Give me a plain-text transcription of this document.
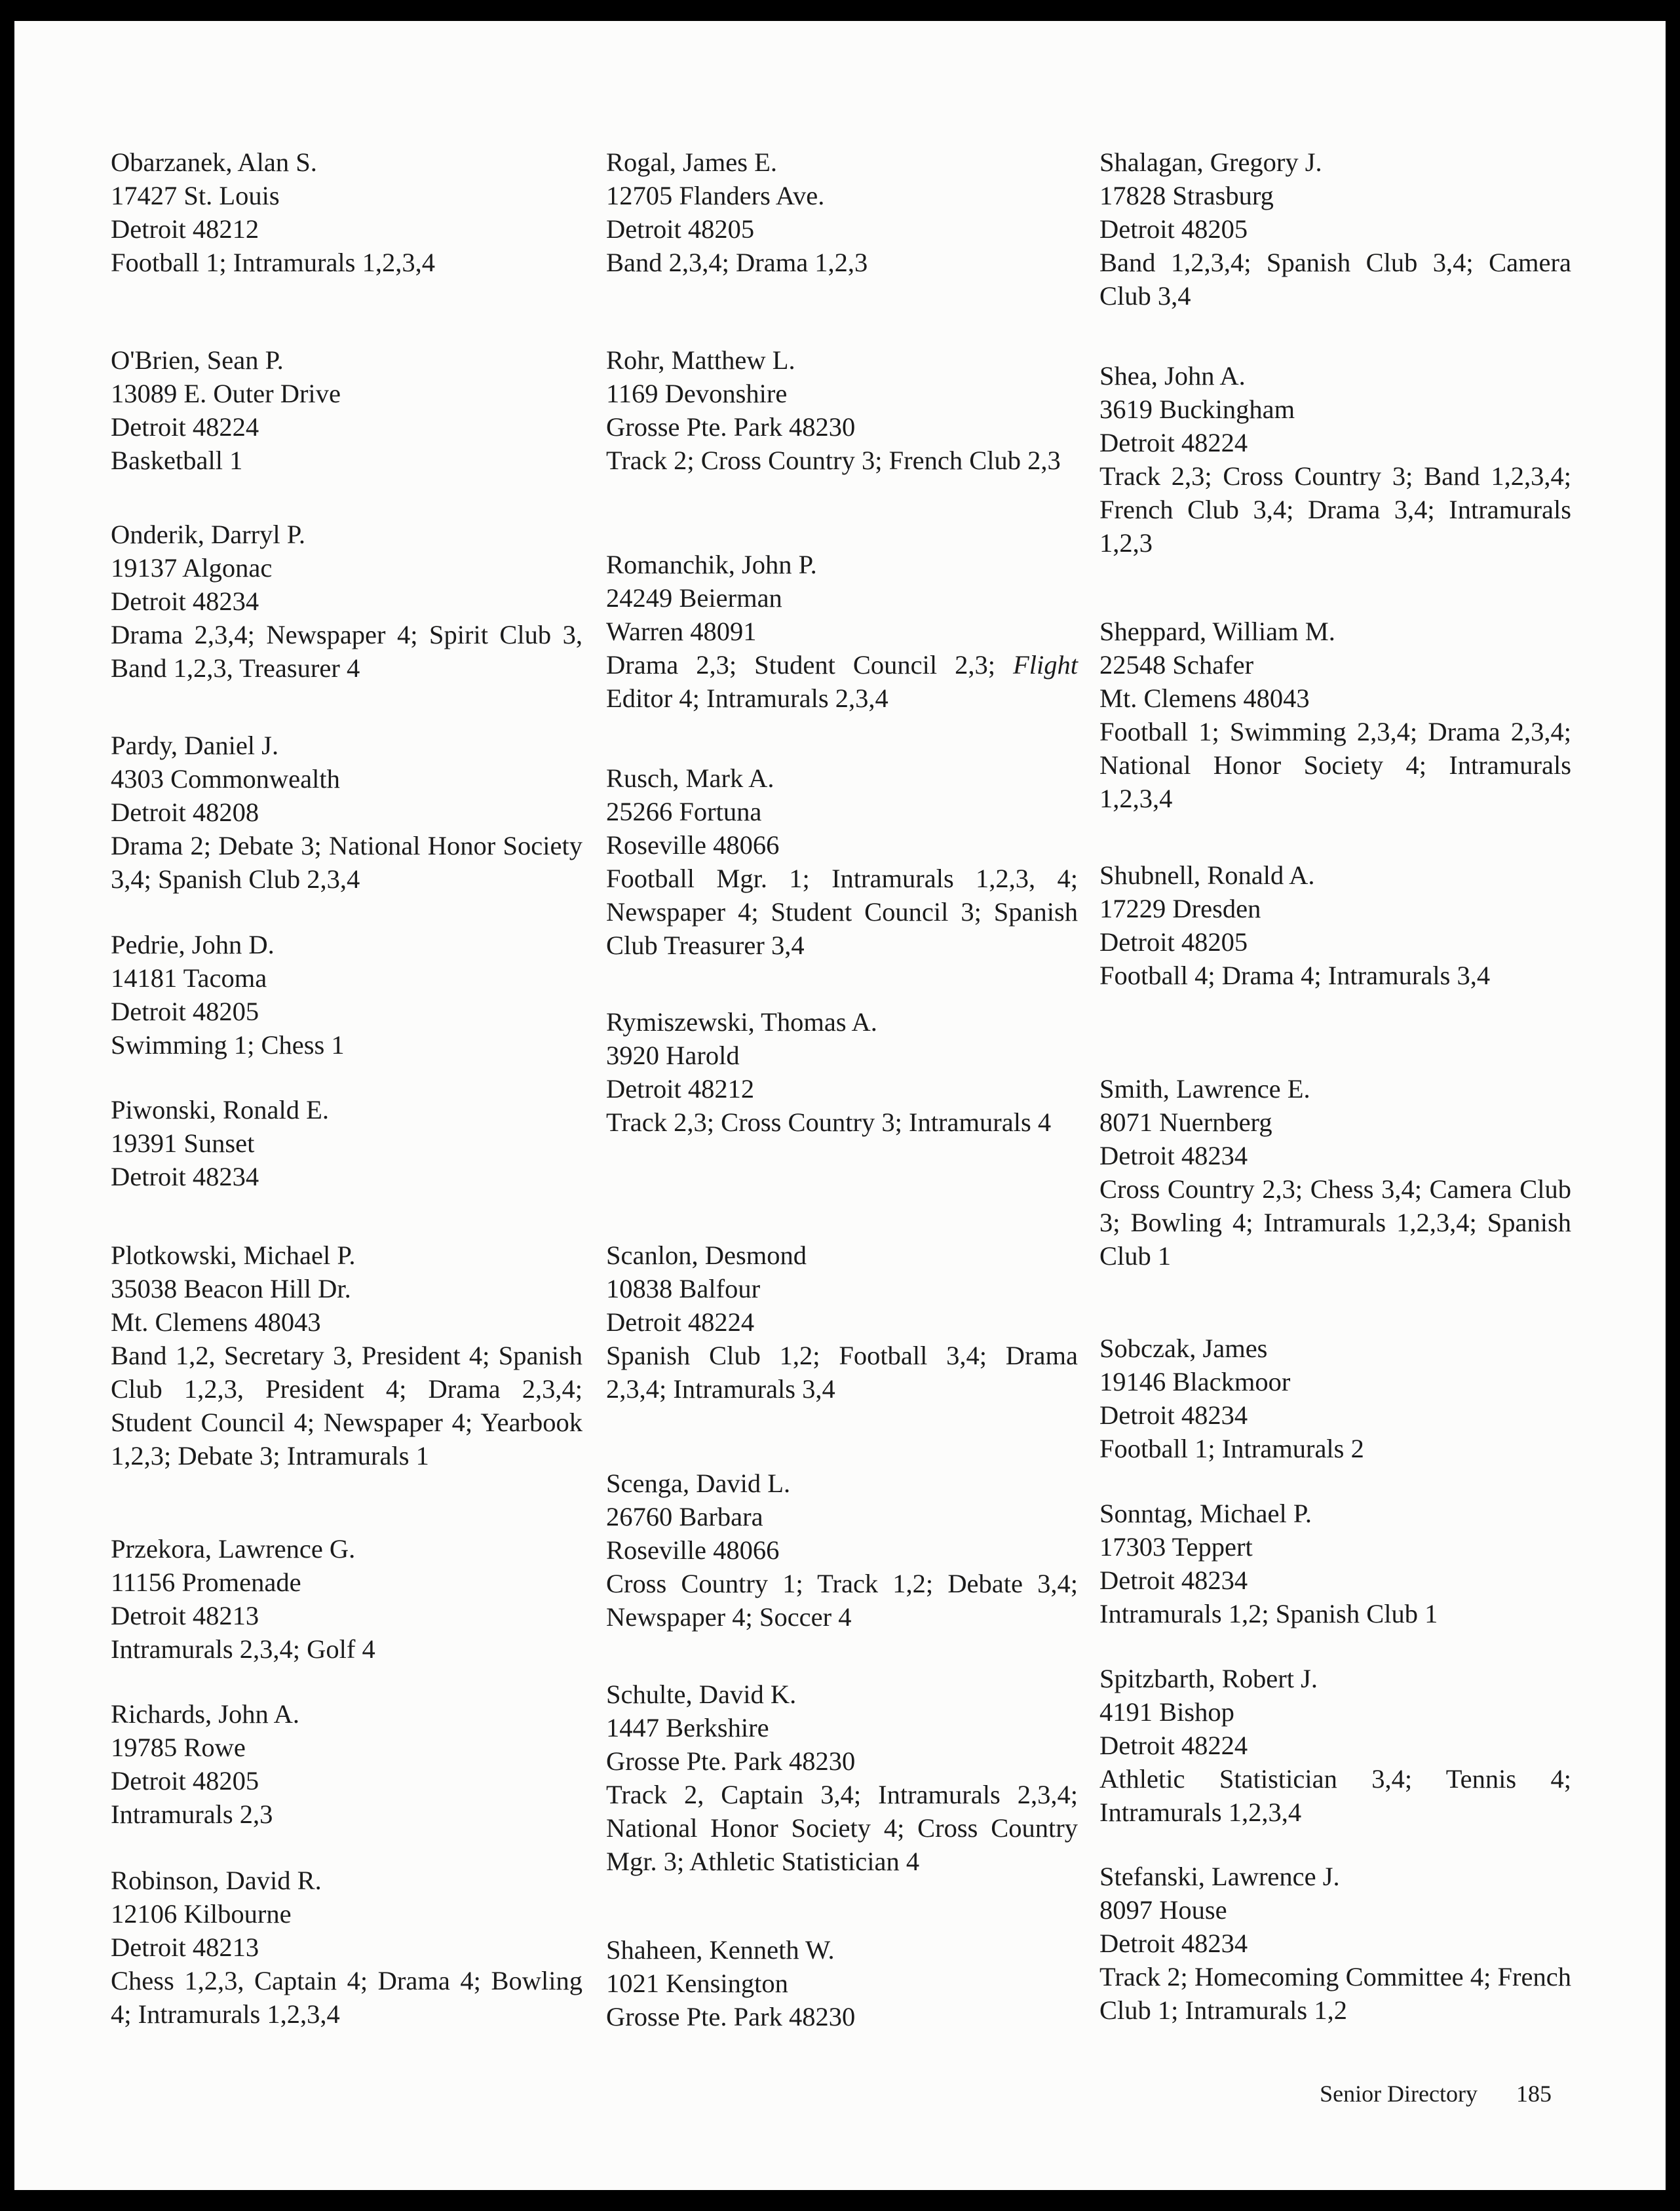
Obarzanek, Alan S.
17427 St. Louis
Detroit 48212
Football 1; Intramurals 1,2,3,4
O'Brien, Sean P.
13089 E. Outer Drive
Detroit 48224
Basketball 1
Onderik, Darryl P.
19137 Algonac
Detroit 48234
Drama 2,3,4; Newspaper 4; Spirit Club 3, Band 1,2,3, Treasurer 4
Pardy, Daniel J.
4303 Commonwealth
Detroit 48208
Drama 2; Debate 3; National Honor Society 3,4; Spanish Club 2,3,4
Pedrie, John D.
14181 Tacoma
Detroit 48205
Swimming 1; Chess 1
Piwonski, Ronald E.
19391 Sunset
Detroit 48234
Plotkowski, Michael P.
35038 Beacon Hill Dr.
Mt. Clemens 48043
Band 1,2, Secretary 3, President 4; Spanish Club 1,2,3, President 4; Drama 2,3,4; Student Council 4; Newspaper 4; Yearbook 1,2,3; Debate 3; Intramurals 1
Przekora, Lawrence G.
11156 Promenade
Detroit 48213
Intramurals 2,3,4; Golf 4
Richards, John A.
19785 Rowe
Detroit 48205
Intramurals 2,3
Robinson, David R.
12106 Kilbourne
Detroit 48213
Chess 1,2,3, Captain 4; Drama 4; Bowling 4; Intramurals 1,2,3,4
Rogal, James E.
12705 Flanders Ave.
Detroit 48205
Band 2,3,4; Drama 1,2,3
Rohr, Matthew L.
1169 Devonshire
Grosse Pte. Park 48230
Track 2; Cross Country 3; French Club 2,3
Romanchik, John P.
24249 Beierman
Warren 48091
Drama 2,3; Student Council 2,3; Flight Editor 4; Intramurals 2,3,4
Rusch, Mark A.
25266 Fortuna
Roseville 48066
Football Mgr. 1; Intramurals 1,2,3, 4; Newspaper 4; Student Council 3; Spanish Club Treasurer 3,4
Rymiszewski, Thomas A.
3920 Harold
Detroit 48212
Track 2,3; Cross Country 3; Intramurals 4
Scanlon, Desmond
10838 Balfour
Detroit 48224
Spanish Club 1,2; Football 3,4; Drama 2,3,4; Intramurals 3,4
Scenga, David L.
26760 Barbara
Roseville 48066
Cross Country 1; Track 1,2; Debate 3,4; Newspaper 4; Soccer 4
Schulte, David K.
1447 Berkshire
Grosse Pte. Park 48230
Track 2, Captain 3,4; Intramurals 2,3,4; National Honor Society 4; Cross Country Mgr. 3; Athletic Statistician 4
Shaheen, Kenneth W.
1021 Kensington
Grosse Pte. Park 48230
Shalagan, Gregory J.
17828 Strasburg
Detroit 48205
Band 1,2,3,4; Spanish Club 3,4; Camera Club 3,4
Shea, John A.
3619 Buckingham
Detroit 48224
Track 2,3; Cross Country 3; Band 1,2,3,4; French Club 3,4; Drama 3,4; Intramurals 1,2,3
Sheppard, William M.
22548 Schafer
Mt. Clemens 48043
Football 1; Swimming 2,3,4; Drama 2,3,4; National Honor Society 4; Intramurals 1,2,3,4
Shubnell, Ronald A.
17229 Dresden
Detroit 48205
Football 4; Drama 4; Intramurals 3,4
Smith, Lawrence E.
8071 Nuernberg
Detroit 48234
Cross Country 2,3; Chess 3,4; Camera Club 3; Bowling 4; Intramurals 1,2,3,4; Spanish Club 1
Sobczak, James
19146 Blackmoor
Detroit 48234
Football 1; Intramurals 2
Sonntag, Michael P.
17303 Teppert
Detroit 48234
Intramurals 1,2; Spanish Club 1
Spitzbarth, Robert J.
4191 Bishop
Detroit 48224
Athletic Statistician 3,4; Tennis 4; Intramurals 1,2,3,4
Stefanski, Lawrence J.
8097 House
Detroit 48234
Track 2; Homecoming Committee 4; French Club 1; Intramurals 1,2
Senior Directory 185
